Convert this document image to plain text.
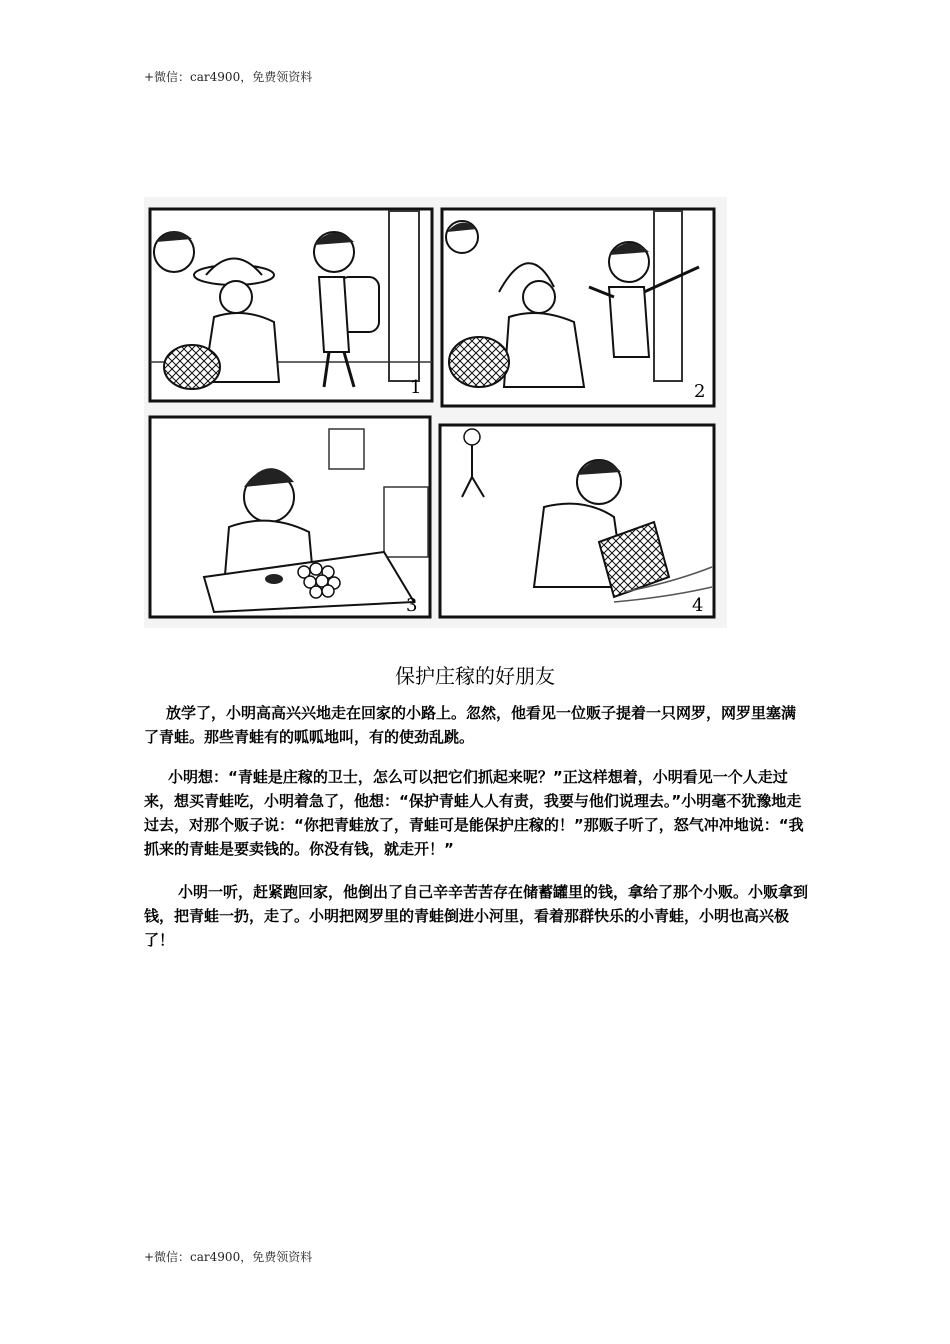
+微信：car4900，免费领资料
1	2
3	4
保护庄稼的好朋友
放学了，小明高高兴兴地走在回家的小路上。忽然，他看见一位贩子提着一只网罗，网罗里塞满了青蛙。那些青蛙有的呱呱地叫，有的使劲乱跳。
小明想：“青蛙是庄稼的卫士，怎么可以把它们抓起来呢？”正这样想着，小明看见一个人走过来，想买青蛙吃，小明着急了，他想：“保护青蛙人人有责，我要与他们说理去。”小明毫不犹豫地走过去，对那个贩子说：“你把青蛙放了，青蛙可是能保护庄稼的！”那贩子听了，怒气冲冲地说：“我抓来的青蛙是要卖钱的。你没有钱，就走开！”
小明一听，赶紧跑回家，他倒出了自己辛辛苦苦存在储蓄罐里的钱，拿给了那个小贩。小贩拿到钱，把青蛙一扔，走了。小明把网罗里的青蛙倒进小河里，看着那群快乐的小青蛙，小明也高兴极了！
+微信：car4900，免费领资料
